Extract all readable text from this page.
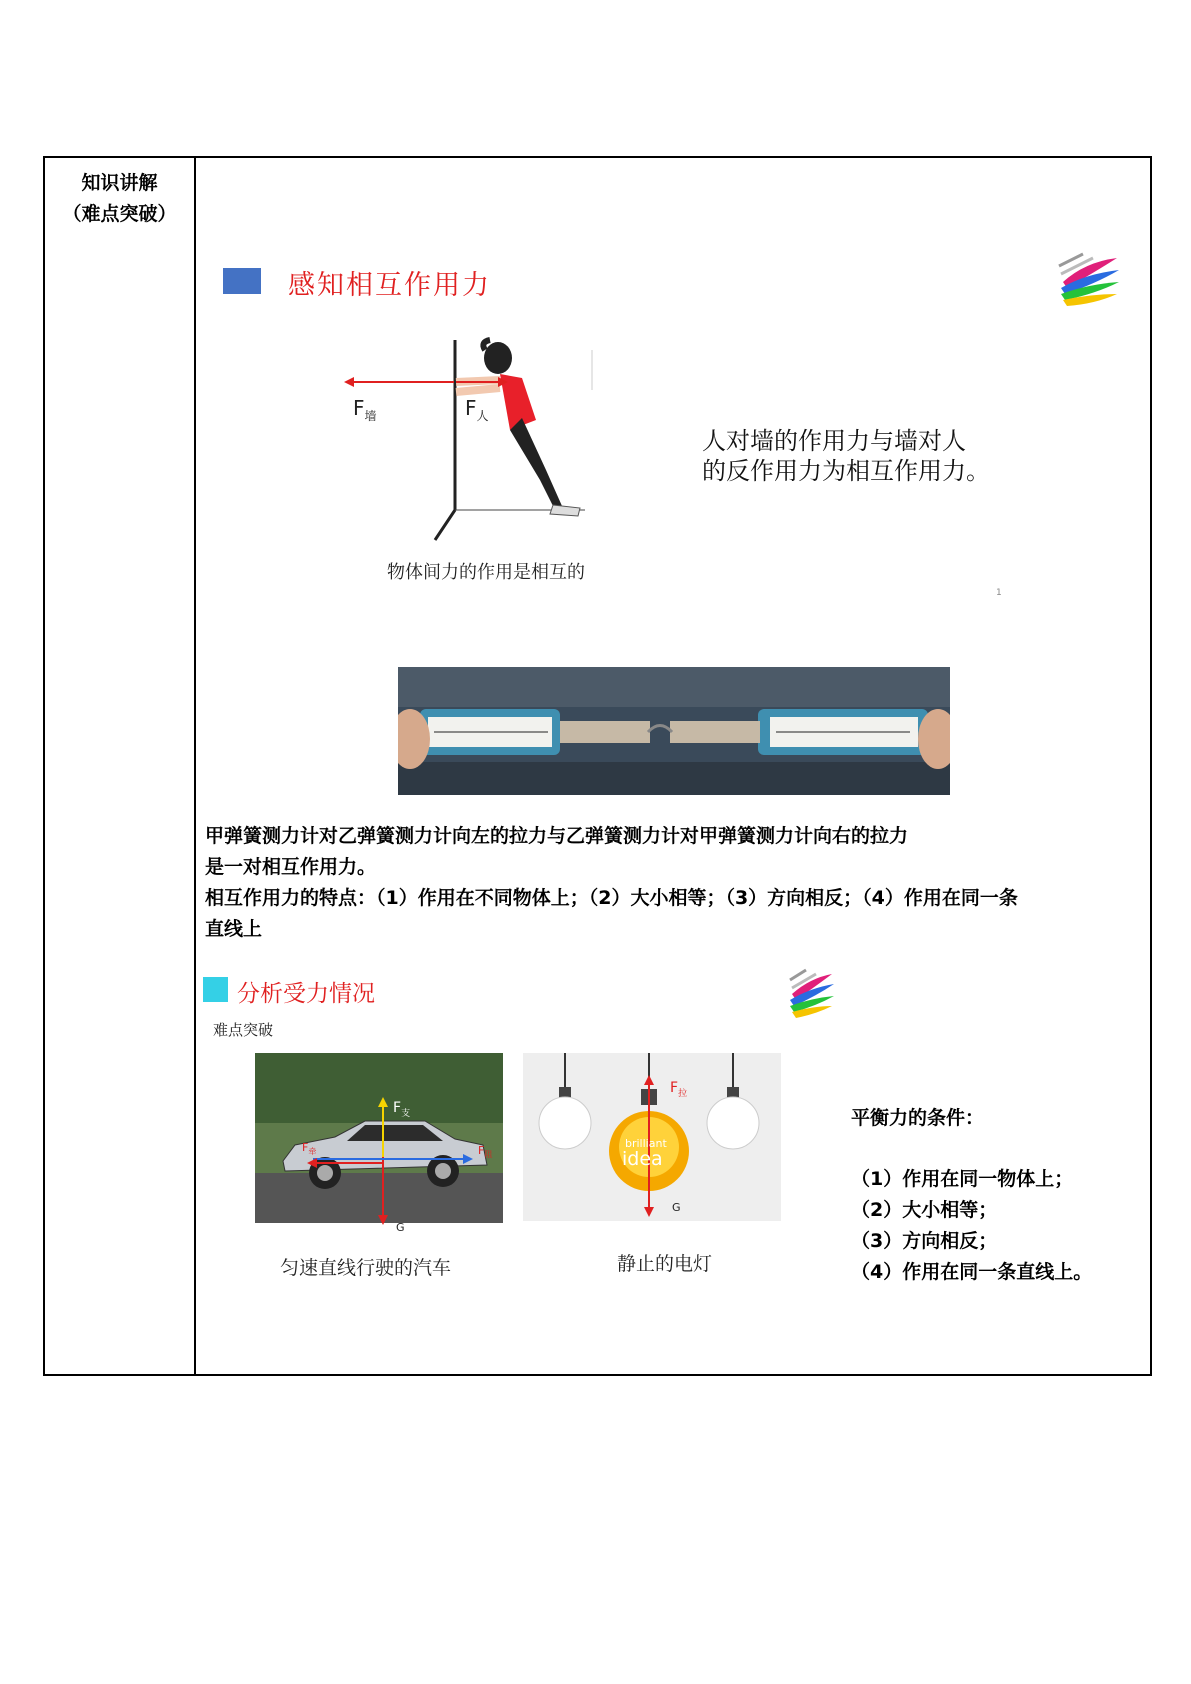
知识讲解
（难点突破）
感知相互作用力
$F_墙$	$F_人$
物体间力的作用是相互的
人对墙的作用力与墙对人
的反作用力为相互作用力。
1
甲弹簧测力计对乙弹簧测力计向左的拉力与乙弹簧测力计对甲弹簧测力计向右的拉力
是一对相互作用力。
相互作用力的特点：（1）作用在不同物体上；（2）大小相等；（3）方向相反；（4）作用在同一条
直线上
分析受力情况
难点突破
$F_支$
$F_牵$	$F_阻$
G
匀速直线行驶的汽车
brilliant
idea
$F_拉$
G
静止的电灯
平衡力的条件：
（1）作用在同一物体上；
（2）大小相等；
（3）方向相反；
（4）作用在同一条直线上。
